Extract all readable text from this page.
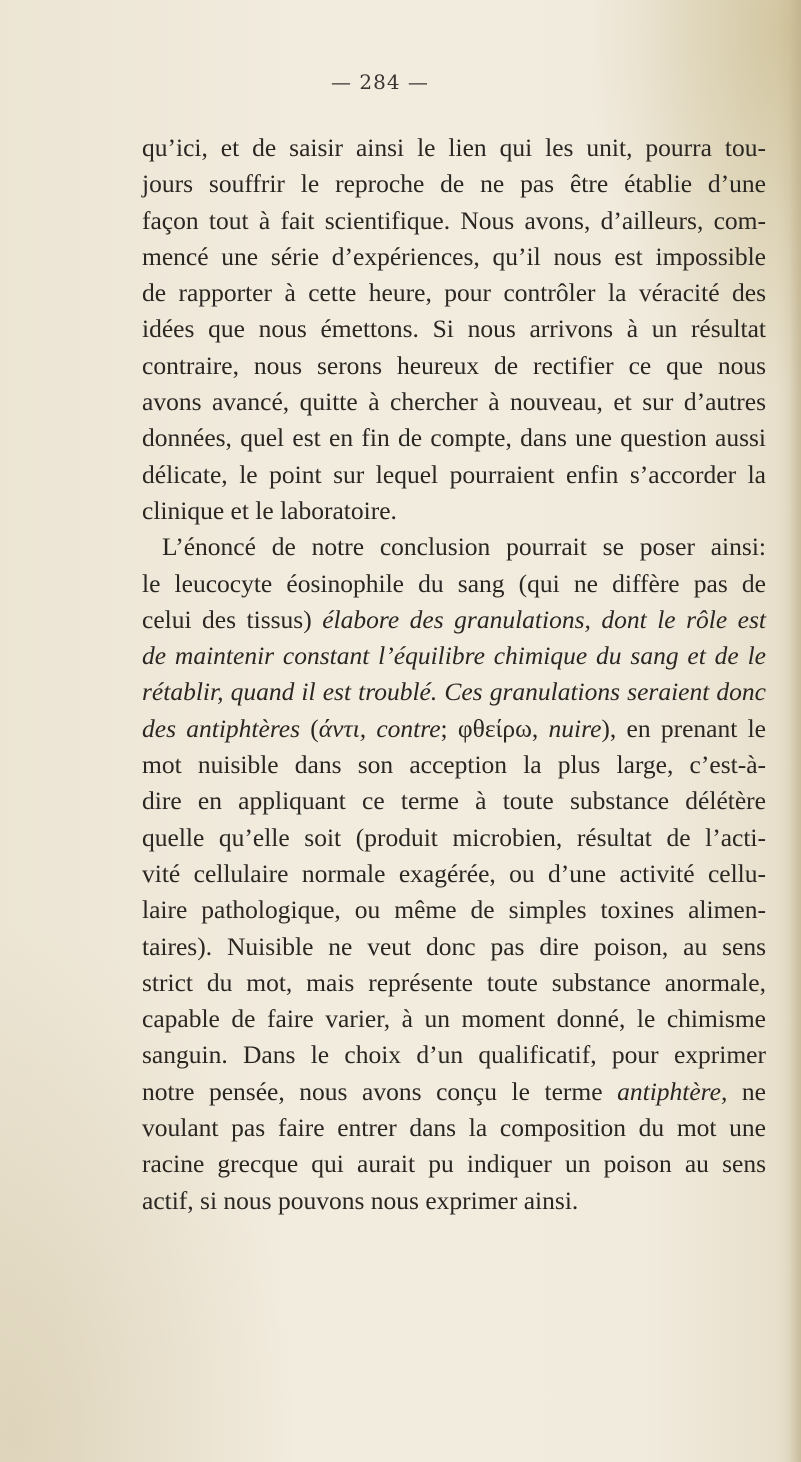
— 284 —
qu’ici, et de saisir ainsi le lien qui les unit, pourra tou-
jours souffrir le reproche de ne pas être établie d’une
façon tout à fait scientifique. Nous avons, d’ailleurs, com-
mencé une série d’expériences, qu’il nous est impossible
de rapporter à cette heure, pour contrôler la véracité des
idées que nous émettons. Si nous arrivons à un résultat
contraire, nous serons heureux de rectifier ce que nous
avons avancé, quitte à chercher à nouveau, et sur d’autres
données, quel est en fin de compte, dans une question aussi
délicate, le point sur lequel pourraient enfin s’accorder la
clinique et le laboratoire.
L’énoncé de notre conclusion pourrait se poser ainsi:
le leucocyte éosinophile du sang (qui ne diffère pas de
celui des tissus) élabore des granulations, dont le rôle est
de maintenir constant l’équilibre chimique du sang et de le
rétablir, quand il est troublé. Ces granulations seraient donc
des antiphtères (άντι, contre; φθείρω, nuire), en prenant le
mot nuisible dans son acception la plus large, c’est-à-
dire en appliquant ce terme à toute substance délétère
quelle qu’elle soit (produit microbien, résultat de l’acti-
vité cellulaire normale exagérée, ou d’une activité cellu-
laire pathologique, ou même de simples toxines alimen-
taires). Nuisible ne veut donc pas dire poison, au sens
strict du mot, mais représente toute substance anormale,
capable de faire varier, à un moment donné, le chimisme
sanguin. Dans le choix d’un qualificatif, pour exprimer
notre pensée, nous avons conçu le terme antiphtère, ne
voulant pas faire entrer dans la composition du mot une
racine grecque qui aurait pu indiquer un poison au sens
actif, si nous pouvons nous exprimer ainsi.
